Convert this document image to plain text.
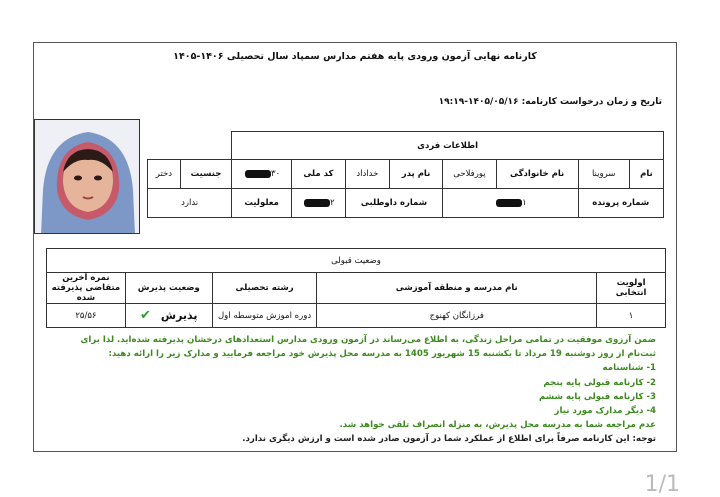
کارنامه نهایی آزمون ورودی پایه هفتم مدارس سمپاد سال تحصیلی ۱۴۰۶-۱۴۰۵
تاریخ و زمان درخواست کارنامه: ۱۴۰۵/۰۵/۱۶-۱۹:۱۹
اطلاعات فردی									
نام	سروینا	نام خانوادگی	پورفلاحی	نام پدر	خداداد	کد ملی	۳۰	جنسیت	دختر
شماره پرونده		۱		شماره داوطلبی		۲	معلولیت	ندارد	
وضعیت قبولی				
اولویت انتخابی	نام مدرسه و منطقه آموزشی	رشته تحصیلی	وضعیت پذیرش	نمره آخرین متقاضی پذیرفته شده
۱	فرزانگان کهنوج	دوره اموزش متوسطه اول	پذیرش✔	۲۵/۵۶
ضمن آرزوی موفقیت در تمامی مراحل زندگی، به اطلاع می‌رساند در آزمون ورودی مدارس استعدادهای درخشان پذیرفته شده‌اید. لذا برای ثبت‌نام از روز دوشنبه 19 مرداد تا یکشنبه 15 شهریور 1405 به مدرسه محل پذیرش خود مراجعه فرمایید و مدارک زیر را ارائه دهید:
1- شناسنامه
2- کارنامه قبولی پایه پنجم
3- کارنامه قبولی پایه ششم
4- دیگر مدارک مورد نیاز
عدم مراجعه شما به مدرسه محل پذیرش، به منزله انصراف تلقی خواهد شد.
توجه: این کارنامه صرفاً برای اطلاع از عملکرد شما در آزمون صادر شده است و ارزش دیگری ندارد.
1/1
